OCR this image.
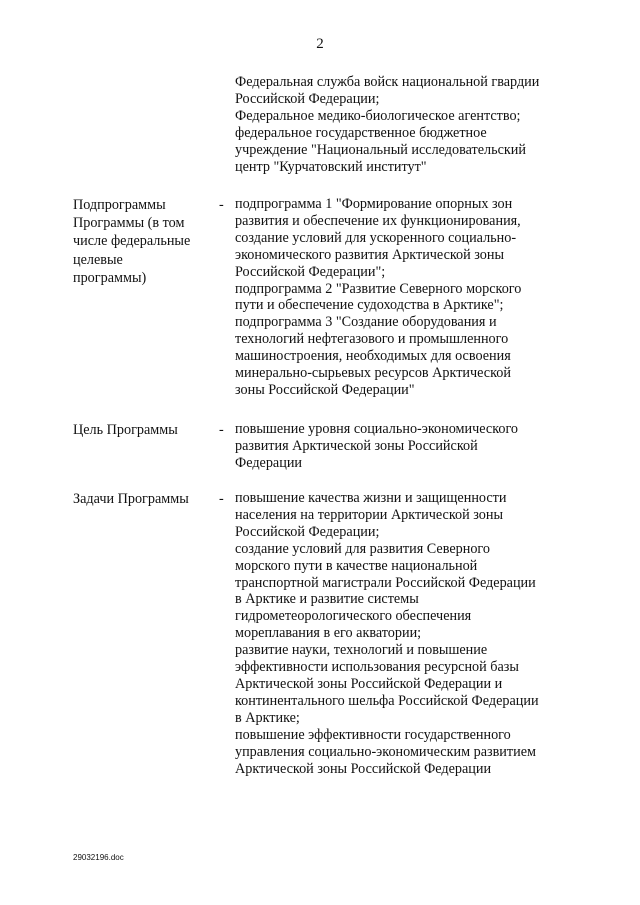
2
Федеральная служба войск национальной гвардии
Российской Федерации;
Федеральное медико-биологическое агентство;
федеральное государственное бюджетное
учреждение "Национальный исследовательский
центр "Курчатовский институт"
Подпрограммы
Программы (в том
числе федеральные
целевые
программы)
- подпрограмма 1 "Формирование опорных зон
развития и обеспечение их функционирования,
создание условий для ускоренного социально-
экономического развития Арктической зоны
Российской Федерации";
подпрограмма 2 "Развитие Северного морского
пути и обеспечение судоходства в Арктике";
подпрограмма 3 "Создание оборудования и
технологий нефтегазового и промышленного
машиностроения, необходимых для освоения
минерально-сырьевых ресурсов Арктической
зоны Российской Федерации"
Цель Программы	- повышение уровня социально-экономического
развития Арктической зоны Российской
Федерации
Задачи Программы	- повышение качества жизни и защищенности
населения на территории Арктической зоны
Российской Федерации;
создание условий для развития Северного
морского пути в качестве национальной
транспортной магистрали Российской Федерации
в Арктике и развитие системы
гидрометеорологического обеспечения
мореплавания в его акватории;
развитие науки, технологий и повышение
эффективности использования ресурсной базы
Арктической зоны Российской Федерации и
континентального шельфа Российской Федерации
в Арктике;
повышение эффективности государственного
управления социально-экономическим развитием
Арктической зоны Российской Федерации
29032196.doc
